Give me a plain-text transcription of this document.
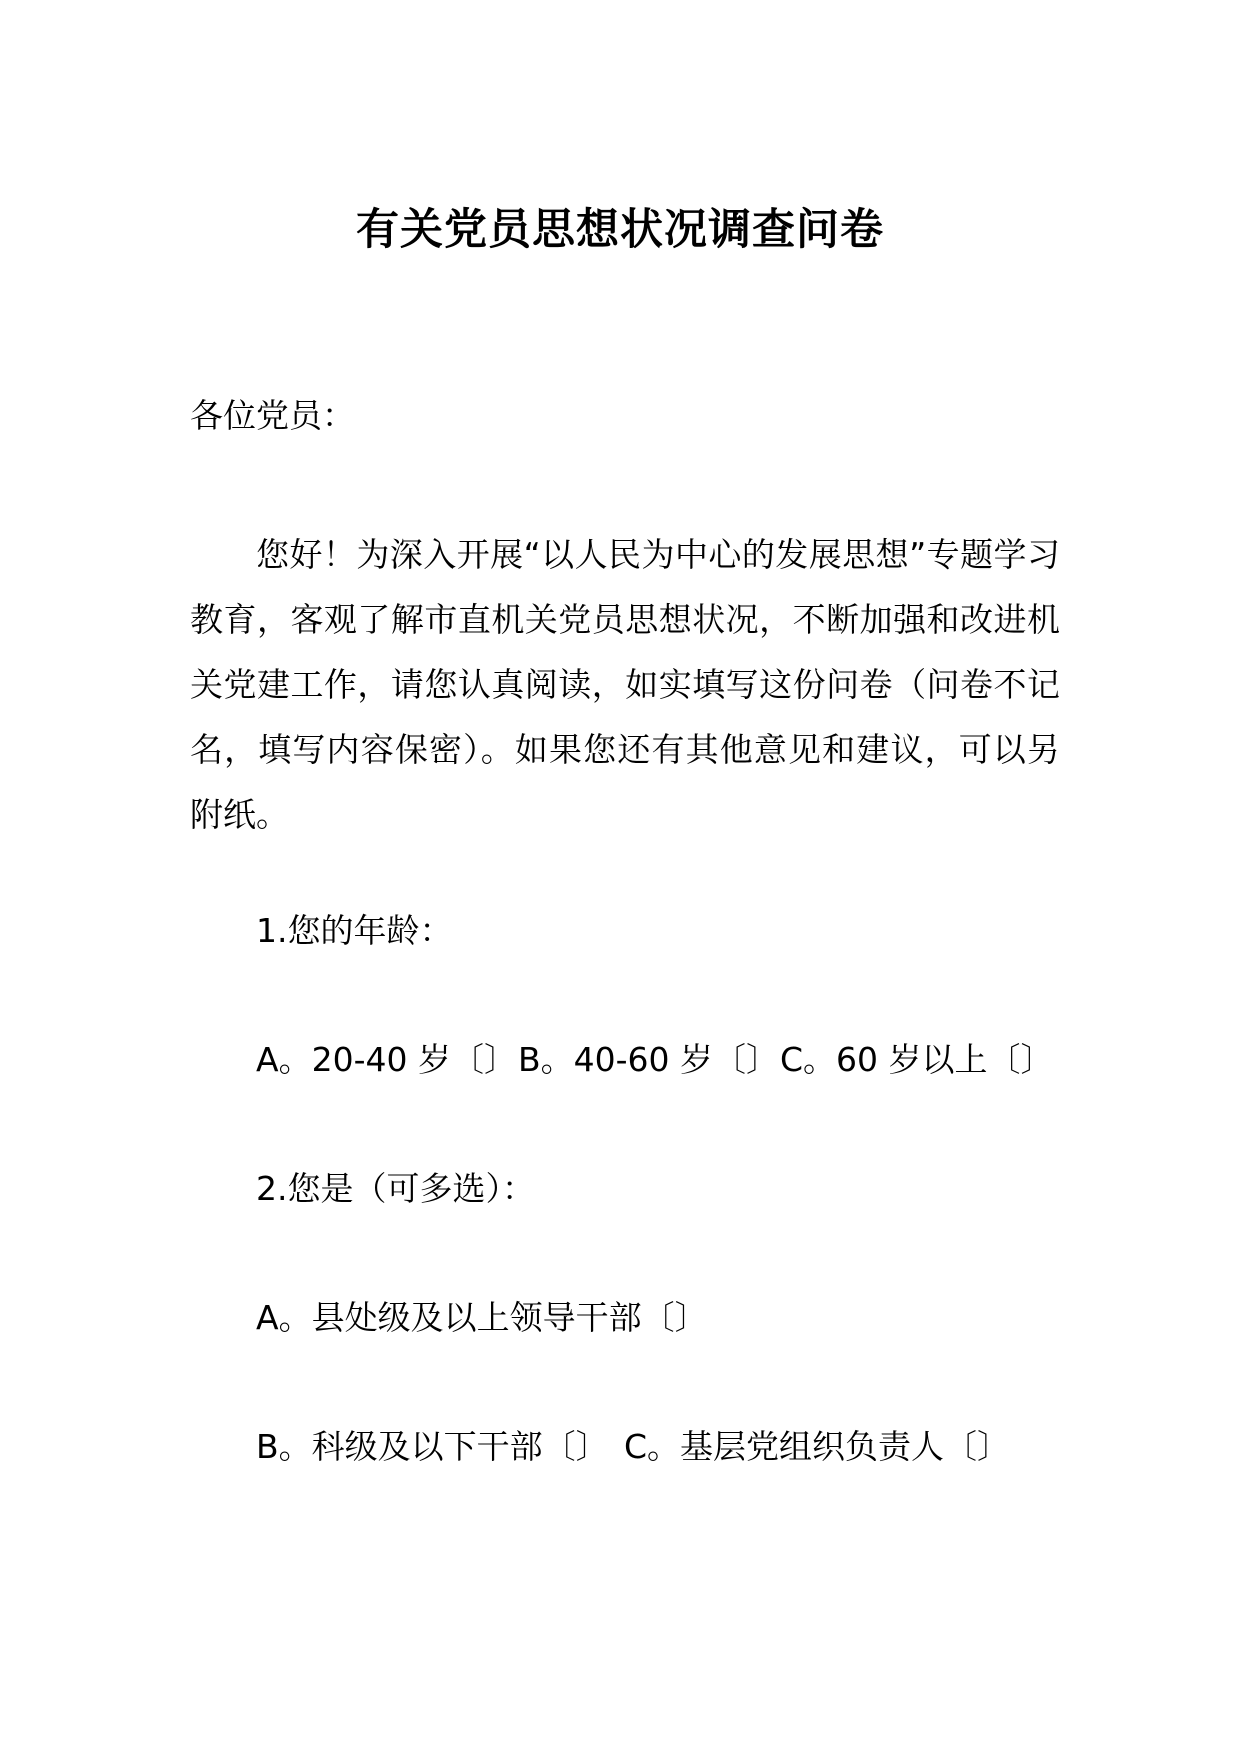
有关党员思想状况调查问卷

各位党员：

您好！为深入开展“以人民为中心的发展思想”专题学习教育，客观了解市直机关党员思想状况，不断加强和改进机关党建工作，请您认真阅读，如实填写这份问卷（问卷不记名，填写内容保密）。如果您还有其他意见和建议，可以另附纸。

1.您的年龄：

A。20-40 岁〔〕 B。40-60 岁〔〕 C。60 岁以上〔〕

2.您是（可多选）：

A。县处级及以上领导干部〔〕
B。科级及以下干部〔〕 C。基层党组织负责人〔〕
